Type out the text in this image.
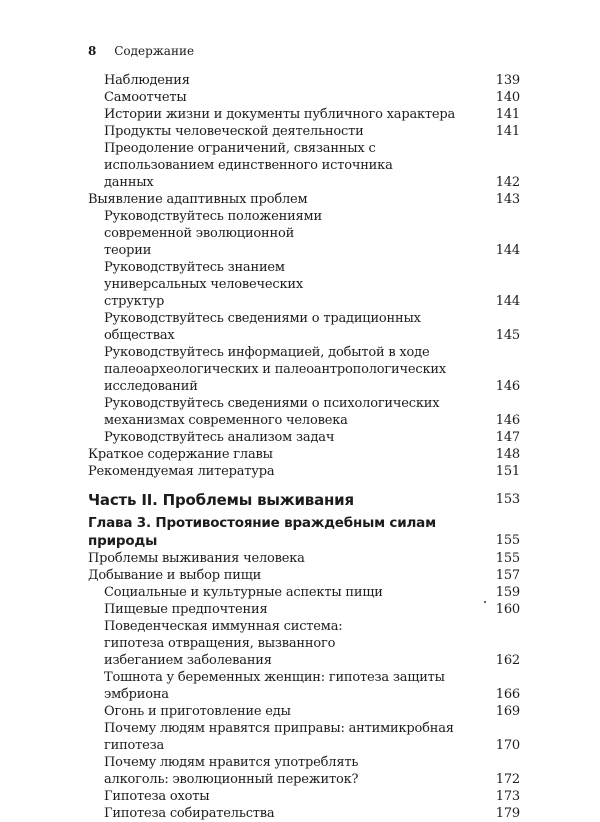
8 Содержание
Наблюдения	139
Самоотчеты	140
Истории жизни и документы публичного характера	141
Продукты человеческой деятельности	141
Преодоление ограничений, связанных с использованием единственного источника данных	142
Выявление адаптивных проблем	143
Руководствуйтесь положениями современной эволюционной теории	144
Руководствуйтесь знанием универсальных человеческих структур	144
Руководствуйтесь сведениями о традиционных обществах	145
Руководствуйтесь информацией, добытой в ходе палеоархеологических и палеоантропологических исследований	146
Руководствуйтесь сведениями о психологических механизмах современного человека	146
Руководствуйтесь анализом задач	147
Краткое содержание главы	148
Рекомендуемая литература	151
Часть II. Проблемы выживания	153
Глава 3. Противостояние враждебным силам природы	155
Проблемы выживания человека	155
Добывание и выбор пищи	157
Социальные и культурные аспекты пищи	159
Пищевые предпочтения	160
Поведенческая иммунная система: гипотеза отвращения, вызванного избеганием заболевания	162
Тошнота у беременных женщин: гипотеза защиты эмбриона	166
Огонь и приготовление еды	169
Почему людям нравятся приправы: антимикробная гипотеза	170
Почему людям нравится употреблять алкоголь: эволюционный пережиток?	172
Гипотеза охоты	173
Гипотеза собирательства	179
